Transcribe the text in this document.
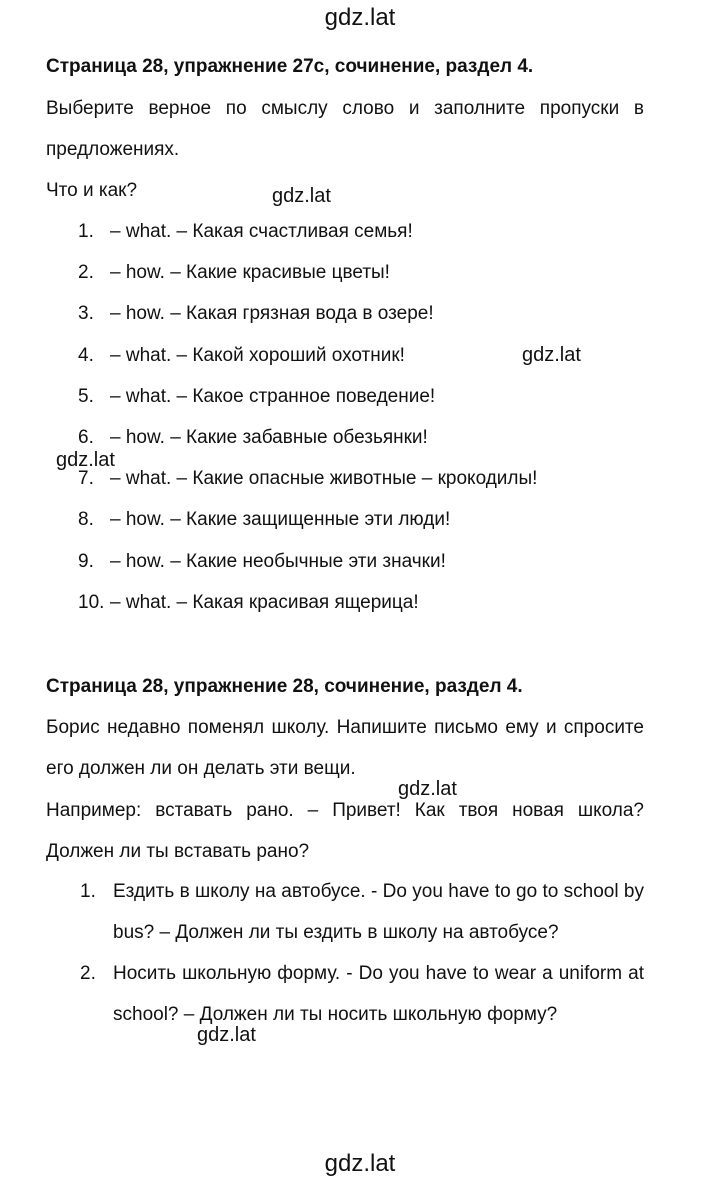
gdz.lat
Страница 28, упражнение 27с, сочинение, раздел 4.
Выберите верное по смыслу слово и заполните пропуски в предложениях.
Что и как?	gdz.lat
1. – what. – Какая счастливая семья!
2. – how. – Какие красивые цветы!
3. – how. – Какая грязная вода в озере!
4. – what. – Какой хороший охотник!
5. – what. – Какое странное поведение!
6. – how. – Какие забавные обезьянки!
7. – what. – Какие опасные животные – крокодилы!
8. – how. – Какие защищенные эти люди!
9. – how. – Какие необычные эти значки!
10. – what. – Какая красивая ящерица!
gdz.lat
gdz.lat
Страница 28, упражнение 28, сочинение, раздел 4.
Борис недавно поменял школу. Напишите письмо ему и спросите его должен ли он делать эти вещи.
gdz.lat
Например: вставать рано. – Привет! Как твоя новая школа? Должен ли ты вставать рано?
1. Ездить в школу на автобусе. - Do you have to go to school by bus? – Должен ли ты ездить в школу на автобусе?
2. Носить школьную форму. - Do you have to wear a uniform at school? – Должен ли ты носить школьную форму?
gdz.lat
gdz.lat
